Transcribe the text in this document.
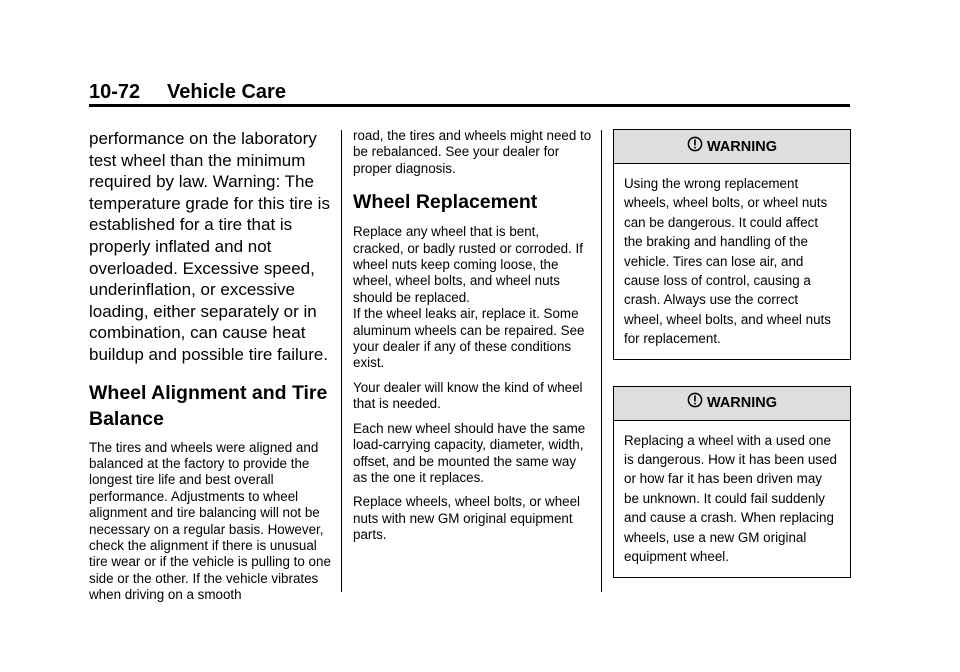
10-72 Vehicle Care

performance on the laboratory test wheel than the minimum required by law. Warning: The temperature grade for this tire is established for a tire that is properly inflated and not overloaded. Excessive speed, underinflation, or excessive loading, either separately or in combination, can cause heat buildup and possible tire failure.

Wheel Alignment and Tire Balance

The tires and wheels were aligned and balanced at the factory to provide the longest tire life and best overall performance. Adjustments to wheel alignment and tire balancing will not be necessary on a regular basis. However, check the alignment if there is unusual tire wear or if the vehicle is pulling to one side or the other. If the vehicle vibrates when driving on a smooth

road, the tires and wheels might need to be rebalanced. See your dealer for proper diagnosis.

Wheel Replacement

Replace any wheel that is bent, cracked, or badly rusted or corroded. If wheel nuts keep coming loose, the wheel, wheel bolts, and wheel nuts should be replaced.

If the wheel leaks air, replace it. Some aluminum wheels can be repaired. See your dealer if any of these conditions exist.

Your dealer will know the kind of wheel that is needed.

Each new wheel should have the same load-carrying capacity, diameter, width, offset, and be mounted the same way as the one it replaces.

Replace wheels, wheel bolts, or wheel nuts with new GM original equipment parts.

WARNING

Using the wrong replacement wheels, wheel bolts, or wheel nuts can be dangerous. It could affect the braking and handling of the vehicle. Tires can lose air, and cause loss of control, causing a crash. Always use the correct wheel, wheel bolts, and wheel nuts for replacement.

WARNING

Replacing a wheel with a used one is dangerous. How it has been used or how far it has been driven may be unknown. It could fail suddenly and cause a crash. When replacing wheels, use a new GM original equipment wheel.
